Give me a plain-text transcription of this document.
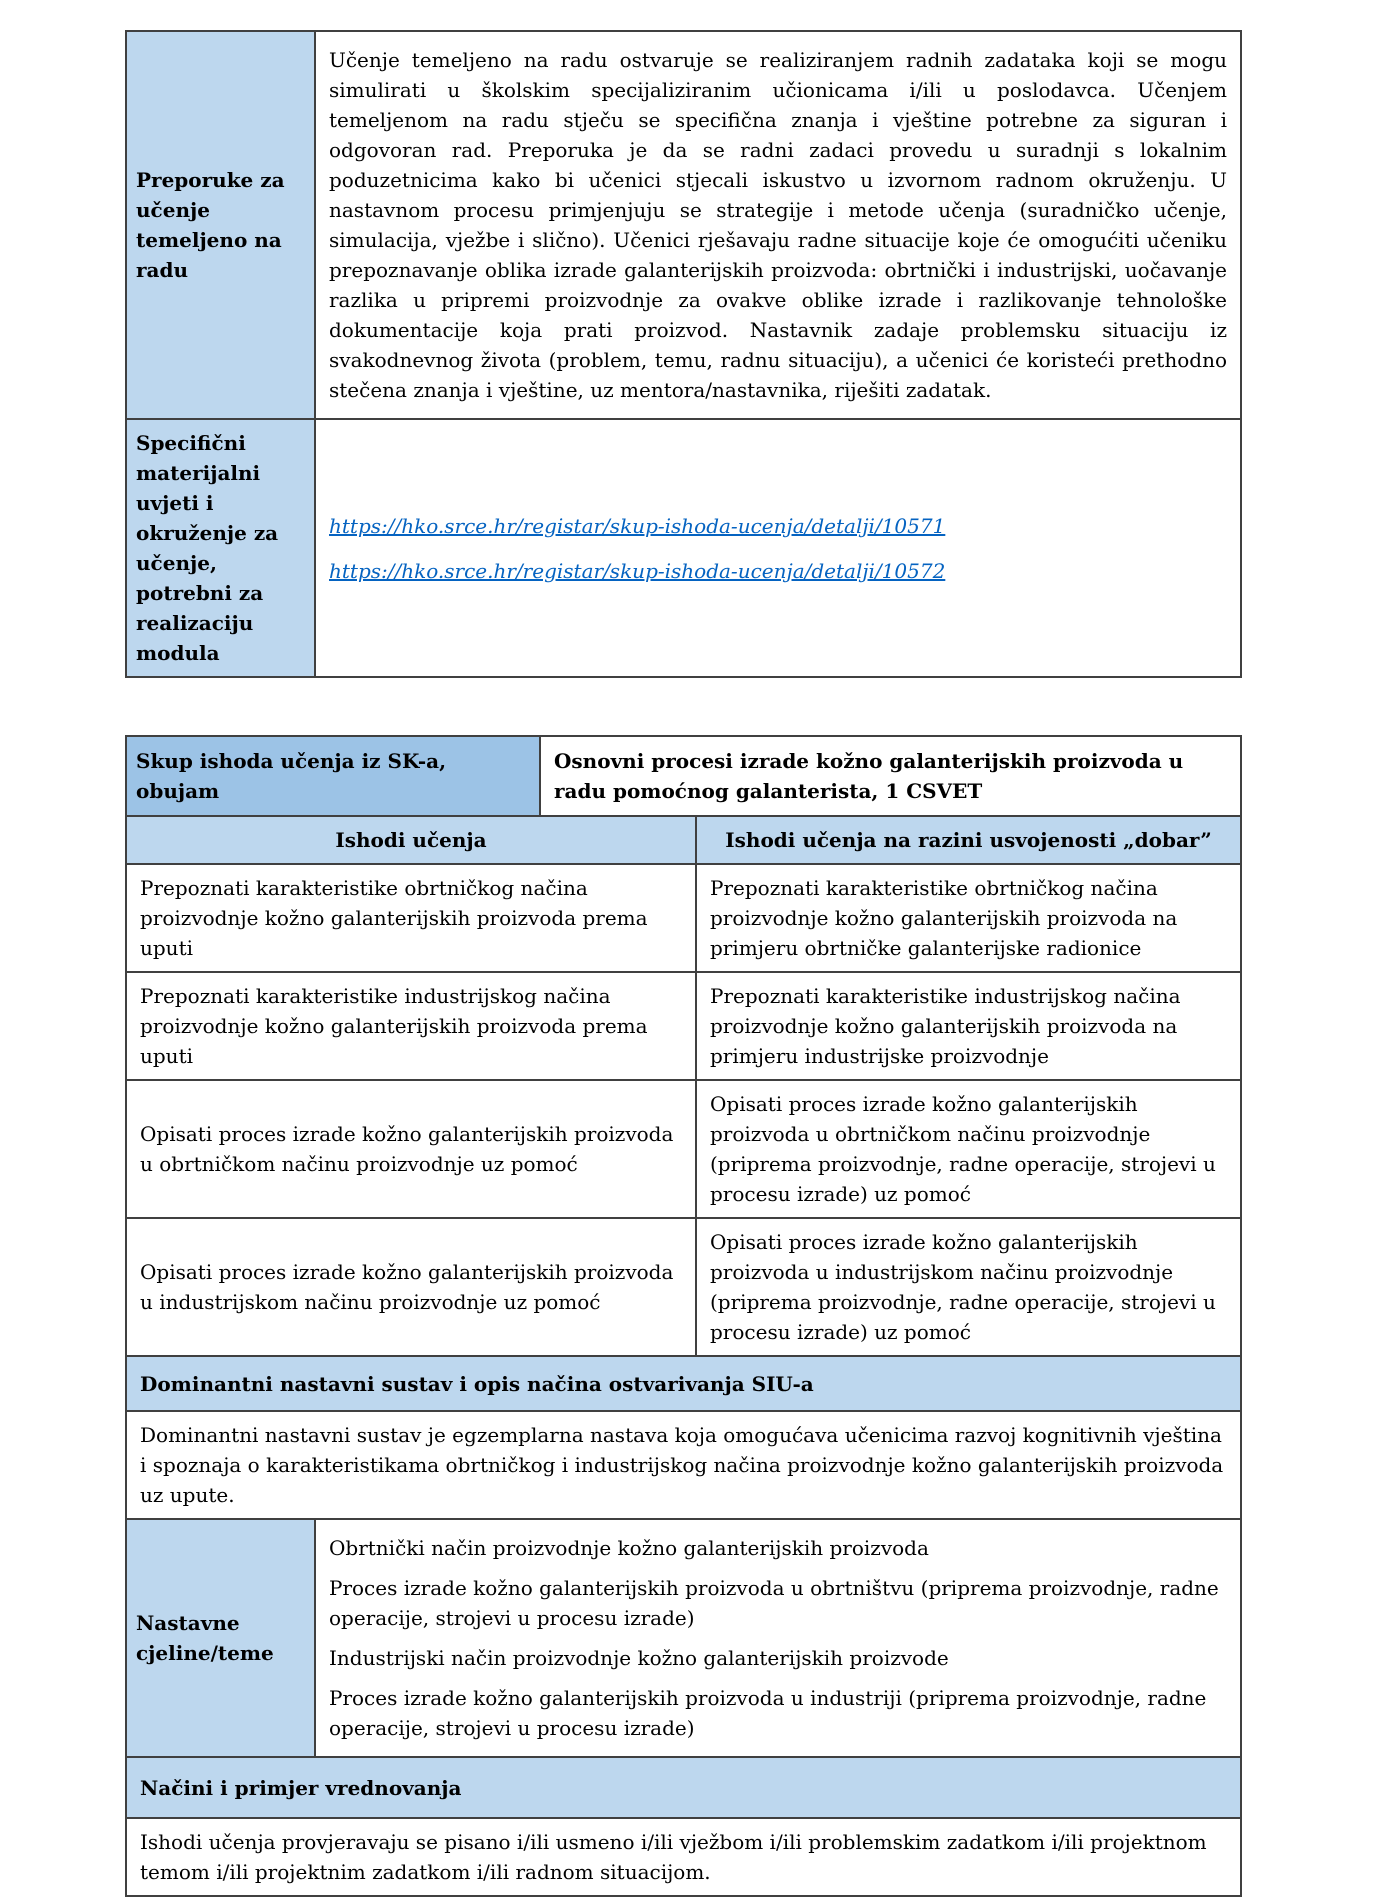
Preporuke za učenje temeljeno na radu
Učenje temeljeno na radu ostvaruje se realiziranjem radnih zadataka koji se mogu simulirati u školskim specijaliziranim učionicama i/ili u poslodavca. Učenjem temeljenom na radu stječu se specifična znanja i vještine potrebne za siguran i odgovoran rad. Preporuka je da se radni zadaci provedu u suradnji s lokalnim poduzetnicima kako bi učenici stjecali iskustvo u izvornom radnom okruženju. U nastavnom procesu primjenjuju se strategije i metode učenja (suradničko učenje, simulacija, vježbe i slično). Učenici rješavaju radne situacije koje će omogućiti učeniku prepoznavanje oblika izrade galanterijskih proizvoda: obrtnički i industrijski, uočavanje razlika u pripremi proizvodnje za ovakve oblike izrade i razlikovanje tehnološke dokumentacije koja prati proizvod. Nastavnik zadaje problemsku situaciju iz svakodnevnog života (problem, temu, radnu situaciju), a učenici će koristeći prethodno stečena znanja i vještine, uz mentora/nastavnika, riješiti zadatak.
Specifični materijalni uvjeti i okruženje za učenje, potrebni za realizaciju modula
https://hko.srce.hr/registar/skup-ishoda-ucenja/detalji/10571
https://hko.srce.hr/registar/skup-ishoda-ucenja/detalji/10572
Skup ishoda učenja iz SK-a, obujam
Osnovni procesi izrade kožno galanterijskih proizvoda u radu pomoćnog galanterista, 1 CSVET
Ishodi učenja	Ishodi učenja na razini usvojenosti „dobar”
Prepoznati karakteristike obrtničkog načina proizvodnje kožno galanterijskih proizvoda prema uputi
Prepoznati karakteristike obrtničkog načina proizvodnje kožno galanterijskih proizvoda na primjeru obrtničke galanterijske radionice
Prepoznati karakteristike industrijskog načina proizvodnje kožno galanterijskih proizvoda prema uputi
Prepoznati karakteristike industrijskog načina proizvodnje kožno galanterijskih proizvoda na primjeru industrijske proizvodnje
Opisati proces izrade kožno galanterijskih proizvoda u obrtničkom načinu proizvodnje uz pomoć
Opisati proces izrade kožno galanterijskih proizvoda u obrtničkom načinu proizvodnje (priprema proizvodnje, radne operacije, strojevi u procesu izrade) uz pomoć
Opisati proces izrade kožno galanterijskih proizvoda u industrijskom načinu proizvodnje uz pomoć
Opisati proces izrade kožno galanterijskih proizvoda u industrijskom načinu proizvodnje (priprema proizvodnje, radne operacije, strojevi u procesu izrade) uz pomoć
Dominantni nastavni sustav i opis načina ostvarivanja SIU-a
Dominantni nastavni sustav je egzemplarna nastava koja omogućava učenicima razvoj kognitivnih vještina i spoznaja o karakteristikama obrtničkog i industrijskog načina proizvodnje kožno galanterijskih proizvoda uz upute.
Nastavne cjeline/teme

Obrtnički način proizvodnje kožno galanterijskih proizvoda

Proces izrade kožno galanterijskih proizvoda u obrtništvu (priprema proizvodnje, radne operacije, strojevi u procesu izrade)

Industrijski način proizvodnje kožno galanterijskih proizvode

Proces izrade kožno galanterijskih proizvoda u industriji (priprema proizvodnje, radne operacije, strojevi u procesu izrade)

Načini i primjer vrednovanja
Ishodi učenja provjeravaju se pisano i/ili usmeno i/ili vježbom i/ili problemskim zadatkom i/ili projektnom temom i/ili projektnim zadatkom i/ili radnom situacijom.
